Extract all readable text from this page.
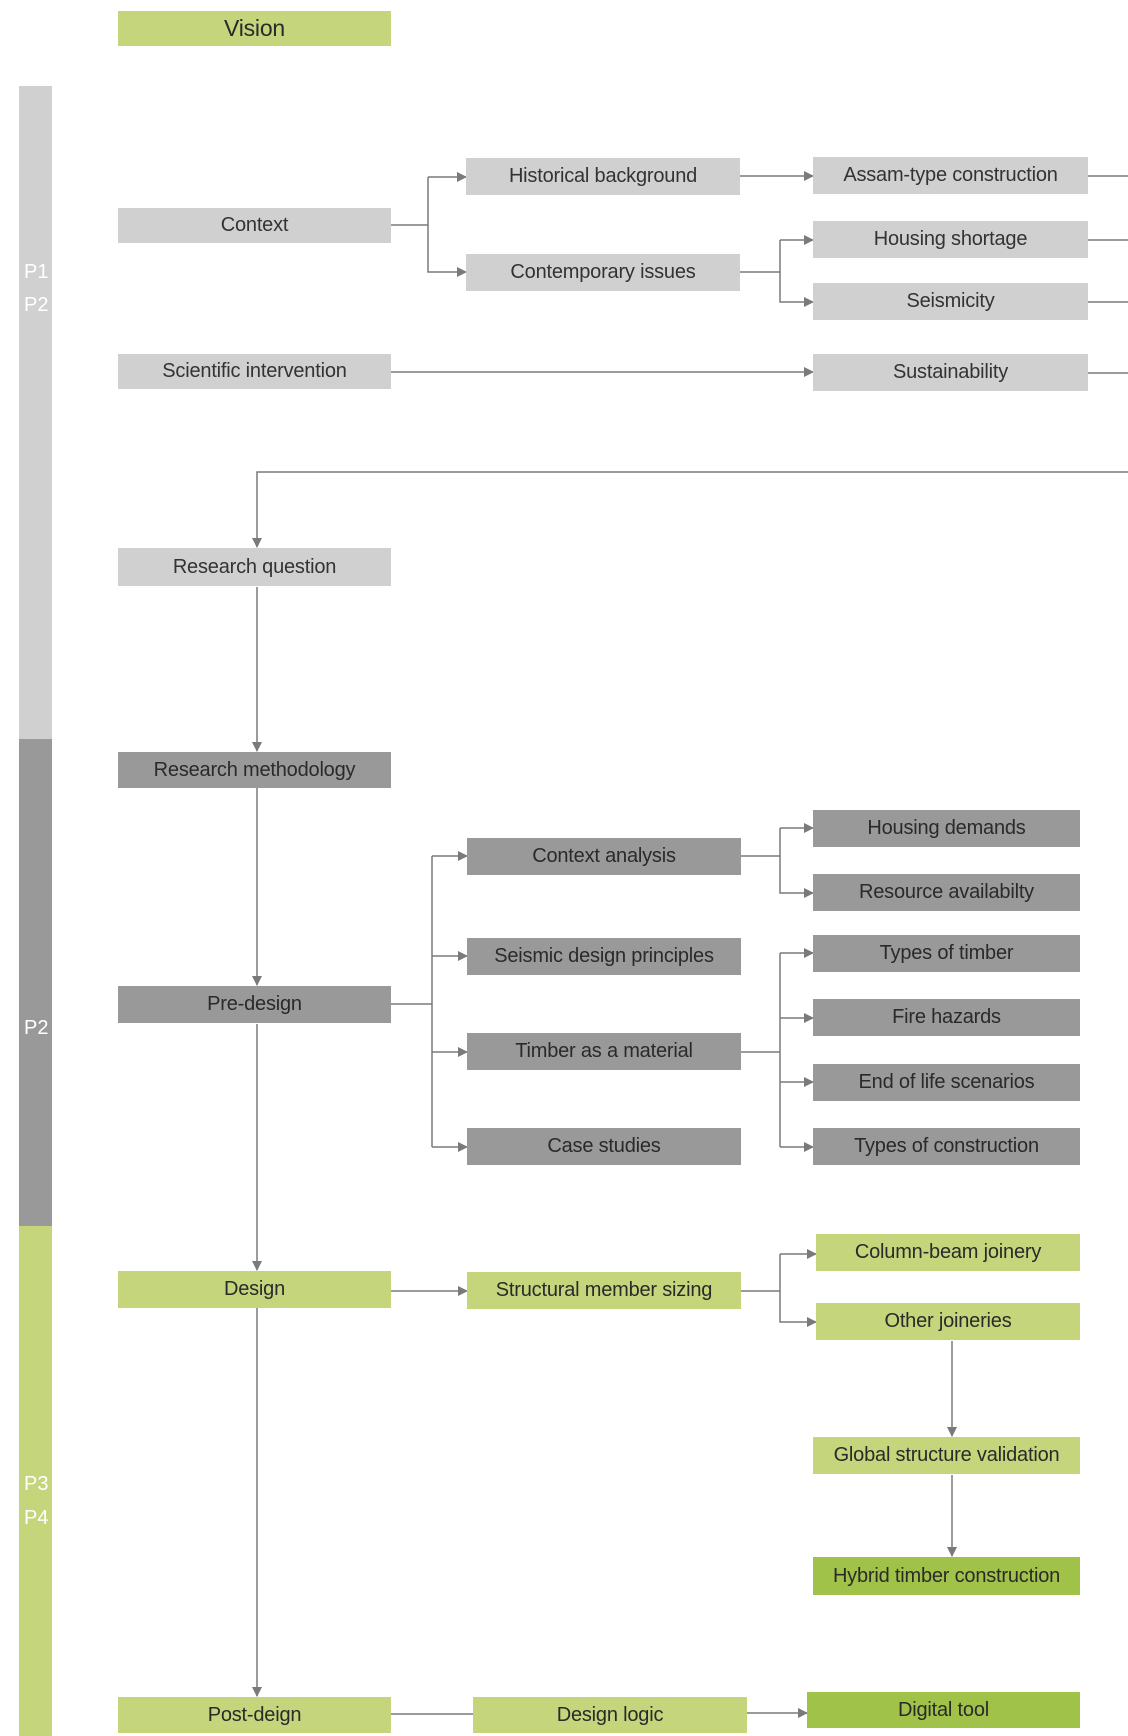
P1
P2
P2
P3
P4
Vision
Context
Historical background
Contemporary issues
Assam-type construction
Housing shortage
Seismicity
Scientific intervention	Sustainability
Research question
Research methodology
Pre-design
Context analysis
Seismic design principles
Timber as a material
Case studies
Housing demands
Resource availabilty
Types of timber
Fire hazards
End of life scenarios
Types of construction
Design	Structural member sizing
Column-beam joinery
Other joineries
Global structure validation
Hybrid timber construction
Post-deign	Design logic	Digital tool
